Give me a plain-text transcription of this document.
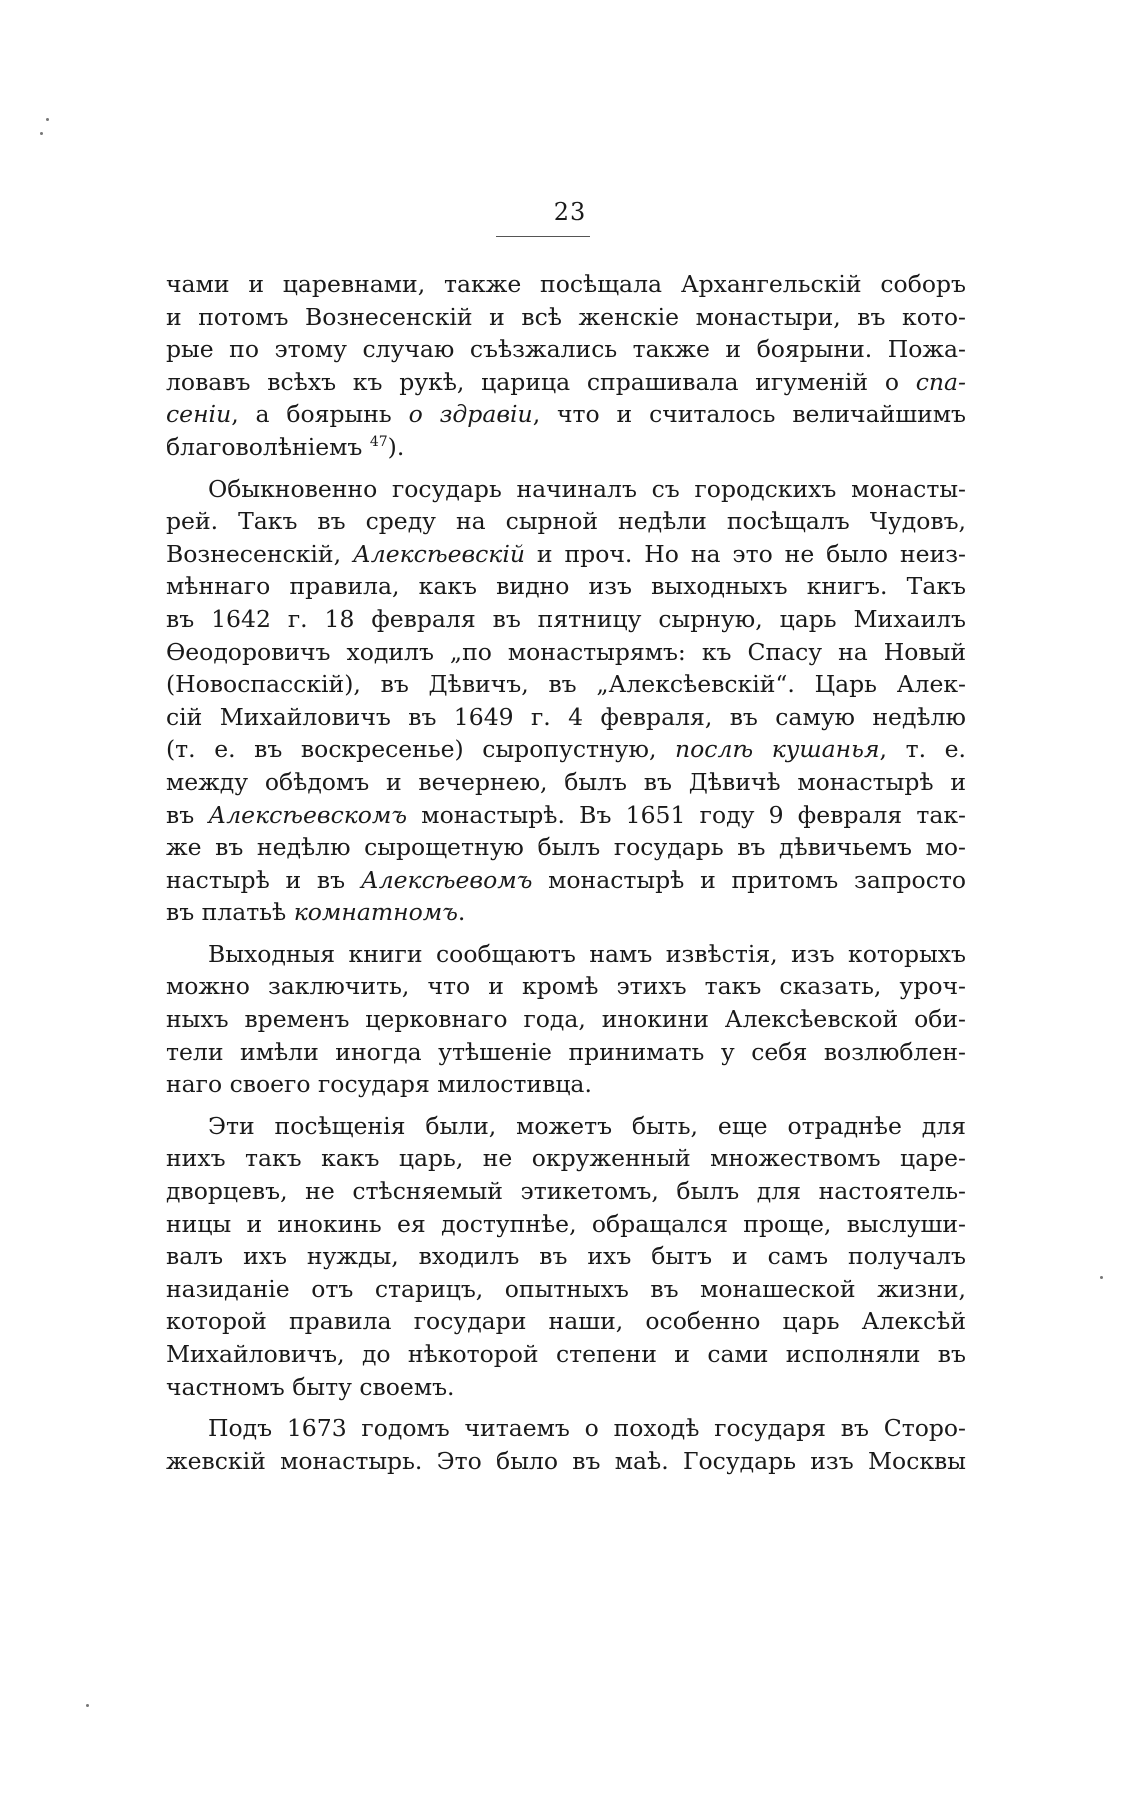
23
чами и царевнами, также посѣщала Архангельскій соборъ
и потомъ Вознесенскій и всѣ женскіе монастыри, въ кото-
рые по этому случаю съѣзжались также и боярыни. Пожа-
ловавъ всѣхъ къ рукѣ, царица спрашивала игуменій о спа-
сеніи, а боярынь о здравіи, что и считалось величайшимъ
благоволѣніемъ $^{47}$).
Обыкновенно государь начиналъ съ городскихъ монасты-
рей. Такъ въ среду на сырной недѣли посѣщалъ Чудовъ,
Вознесенскій, Алексѣевскій и проч. Но на это не было неиз-
мѣннаго правила, какъ видно изъ выходныхъ книгъ. Такъ
въ 1642 г. 18 февраля въ пятницу сырную, царь Михаилъ
Ѳеодоровичъ ходилъ „по монастырямъ: къ Спасу на Новый
(Новоспасскій), въ Дѣвичъ, въ „Алексѣевскій“. Царь Алек-
сій Михайловичъ въ 1649 г. 4 февраля, въ самую недѣлю
(т. е. въ воскресенье) сыропустную, послѣ кушанья, т. е.
между обѣдомъ и вечернею, былъ въ Дѣвичѣ монастырѣ и
въ Алексѣевскомъ монастырѣ. Въ 1651 году 9 февраля так-
же въ недѣлю сырощетную былъ государь въ дѣвичьемъ мо-
настырѣ и въ Алексѣевомъ монастырѣ и притомъ запросто
въ платьѣ комнатномъ.
Выходныя книги сообщаютъ намъ извѣстія, изъ которыхъ
можно заключить, что и кромѣ этихъ такъ сказать, уроч-
ныхъ временъ церковнаго года, инокини Алексѣевской оби-
тели имѣли иногда утѣшеніе принимать у себя возлюблен-
наго своего государя милостивца.
Эти посѣщенія были, можетъ быть, еще отраднѣе для
нихъ такъ какъ царь, не окруженный множествомъ царе-
дворцевъ, не стѣсняемый этикетомъ, былъ для настоятель-
ницы и инокинь ея доступнѣе, обращался проще, выслуши-
валъ ихъ нужды, входилъ въ ихъ бытъ и самъ получалъ
назиданіе отъ старицъ, опытныхъ въ монашеской жизни,
которой правила государи наши, особенно царь Алексѣй
Михайловичъ, до нѣкоторой степени и сами исполняли въ
частномъ быту своемъ.
Подъ 1673 годомъ читаемъ о походѣ государя въ Сторо-
жевскій монастырь. Это было въ маѣ. Государь изъ Москвы
